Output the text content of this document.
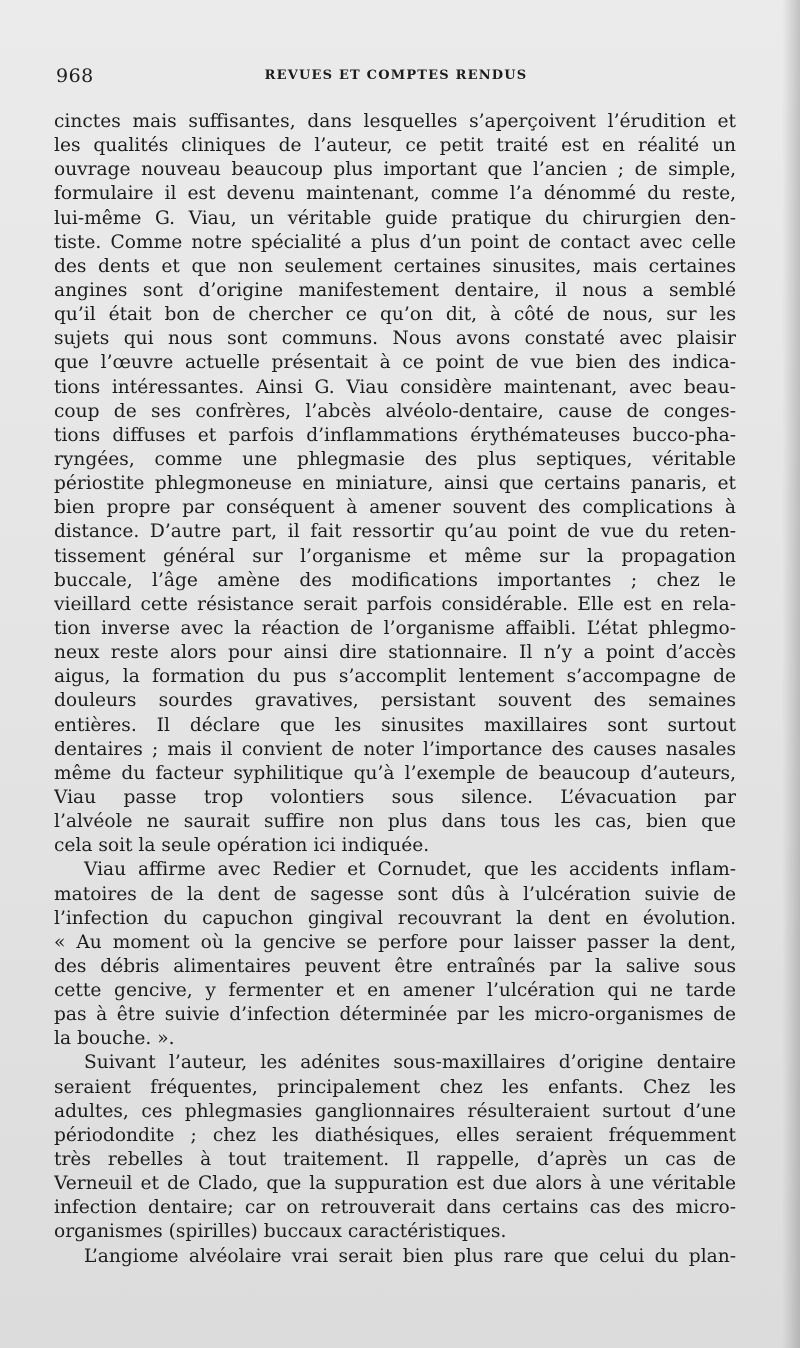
968	REVUES ET COMPTES RENDUS
cinctes mais suffisantes, dans lesquelles s’aperçoivent l’érudition et
les qualités cliniques de l’auteur, ce petit traité est en réalité un
ouvrage nouveau beaucoup plus important que l’ancien ; de simple,
formulaire il est devenu maintenant, comme l’a dénommé du reste,
lui-même G. Viau, un véritable guide pratique du chirurgien den-
tiste. Comme notre spécialité a plus d’un point de contact avec celle
des dents et que non seulement certaines sinusites, mais certaines
angines sont d’origine manifestement dentaire, il nous a semblé
qu’il était bon de chercher ce qu’on dit, à côté de nous, sur les
sujets qui nous sont communs. Nous avons constaté avec plaisir
que l’œuvre actuelle présentait à ce point de vue bien des indica-
tions intéressantes. Ainsi G. Viau considère maintenant, avec beau-
coup de ses confrères, l’abcès alvéolo-dentaire, cause de conges-
tions diffuses et parfois d’inflammations érythémateuses bucco-pha-
ryngées, comme une phlegmasie des plus septiques, véritable
périostite phlegmoneuse en miniature, ainsi que certains panaris, et
bien propre par conséquent à amener souvent des complications à
distance. D’autre part, il fait ressortir qu’au point de vue du reten-
tissement général sur l’organisme et même sur la propagation
buccale, l’âge amène des modifications importantes ; chez le
vieillard cette résistance serait parfois considérable. Elle est en rela-
tion inverse avec la réaction de l’organisme affaibli. L’état phlegmo-
neux reste alors pour ainsi dire stationnaire. Il n’y a point d’accès
aigus, la formation du pus s’accomplit lentement s’accompagne de
douleurs sourdes gravatives, persistant souvent des semaines
entières. Il déclare que les sinusites maxillaires sont surtout
dentaires ; mais il convient de noter l’importance des causes nasales
même du facteur syphilitique qu’à l’exemple de beaucoup d’auteurs,
Viau passe trop volontiers sous silence. L’évacuation par
l’alvéole ne saurait suffire non plus dans tous les cas, bien que
cela soit la seule opération ici indiquée.
Viau affirme avec Redier et Cornudet, que les accidents inflam-
matoires de la dent de sagesse sont dûs à l’ulcération suivie de
l’infection du capuchon gingival recouvrant la dent en évolution.
« Au moment où la gencive se perfore pour laisser passer la dent,
des débris alimentaires peuvent être entraînés par la salive sous
cette gencive, y fermenter et en amener l’ulcération qui ne tarde
pas à être suivie d’infection déterminée par les micro-organismes de
la bouche. ».
Suivant l’auteur, les adénites sous-maxillaires d’origine dentaire
seraient fréquentes, principalement chez les enfants. Chez les
adultes, ces phlegmasies ganglionnaires résulteraient surtout d’une
périodondite ; chez les diathésiques, elles seraient fréquemment
très rebelles à tout traitement. Il rappelle, d’après un cas de
Verneuil et de Clado, que la suppuration est due alors à une véritable
infection dentaire; car on retrouverait dans certains cas des micro-
organismes (spirilles) buccaux caractéristiques.
L’angiome alvéolaire vrai serait bien plus rare que celui du plan-
